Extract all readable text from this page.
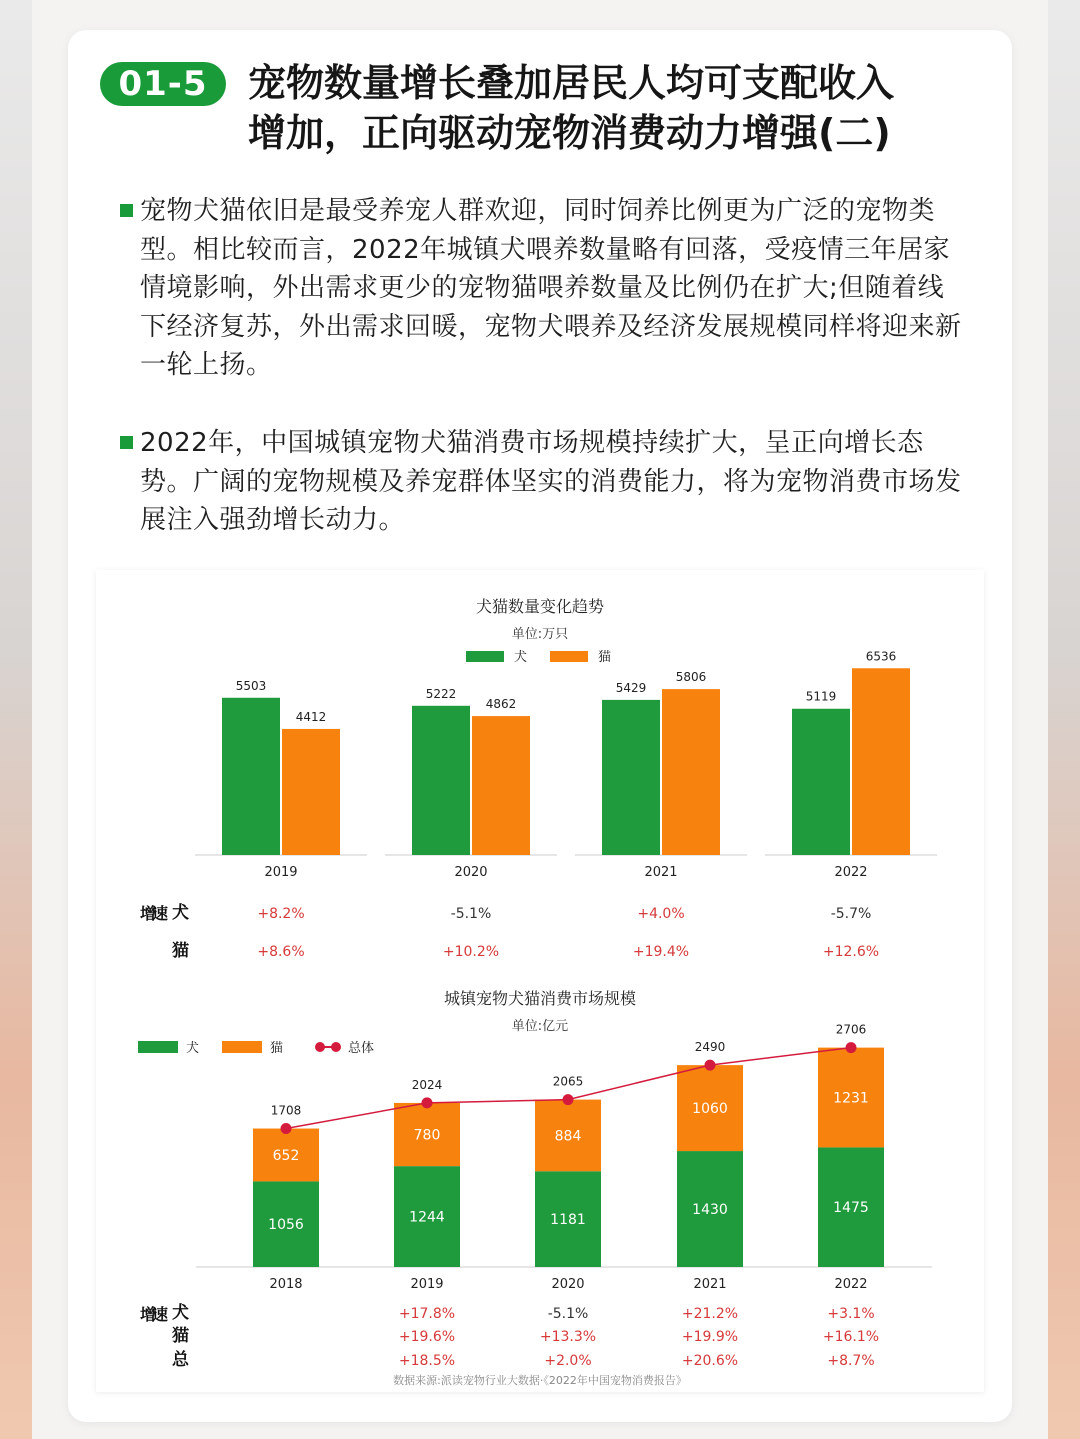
01-5	宠物数量增长叠加居民人均可支配收入
增加，正向驱动宠物消费动力增强(二)
宠物犬猫依旧是最受养宠人群欢迎，同时饲养比例更为广泛的宠物类型。相比较而言，2022年城镇犬喂养数量略有回落，受疫情三年居家情境影响，外出需求更少的宠物猫喂养数量及比例仍在扩大;但随着线下经济复苏，外出需求回暖，宠物犬喂养及经济发展规模同样将迎来新一轮上扬。
2022年，中国城镇宠物犬猫消费市场规模持续扩大，呈正向增长态势。广阔的宠物规模及养宠群体坚实的消费能力，将为宠物消费市场发展注入强劲增长动力。
犬猫数量变化趋势
单位:万只
犬	猫
5503
4412
2019
5222
4862
2020
5429
5806
2021
5119
6536
2022
增
速 犬	+8.2%	-5.1%	+4.0%	-5.7%
猫	+8.6%	+10.2%	+19.4%	+12.6%
城镇宠物犬猫消费市场规模
单位:亿元
犬	猫	总体
1056
652
2018
1244
780
2019
1181
884
2020
1430
1060
2021
1475
1231
2022
1708
2024	2065
2490
2706
增
速 犬	+17.8%	-5.1%	+21.2%	+3.1%
猫	+19.6%	+13.3%	+19.9%	+16.1%
总	+18.5%	+2.0%	+20.6%	+8.7%
数据来源:派读宠物行业大数据·《2022年中国宠物消费报告》
